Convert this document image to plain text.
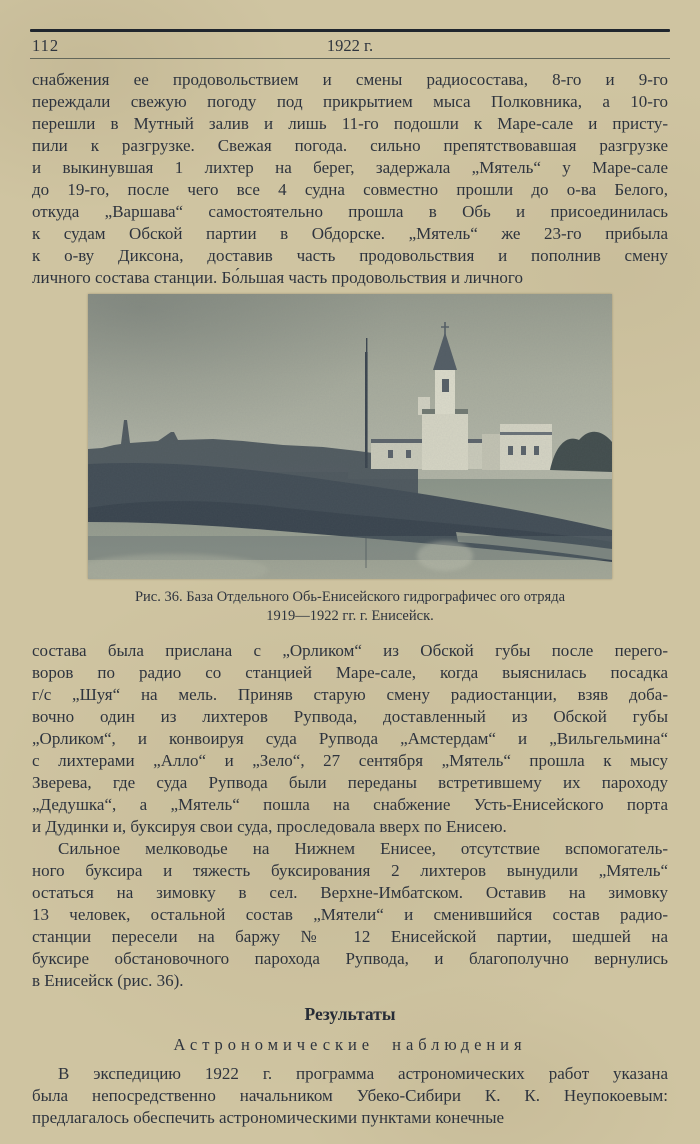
112	1922 г.
снабжения ее продовольствием и смены радиосостава, 8-го и 9-го
переждали свежую погоду под прикрытием мыса Полковника, а 10-го
перешли в Мутный залив и лишь 11-го подошли к Маре-сале и присту-
пили к разгрузке. Свежая погода. сильно препятствовавшая разгрузке
и выкинувшая 1 лихтер на берег, задержала „Мятель“ у Маре-сале
до 19-го, после чего все 4 судна совместно прошли до о-ва Белого,
откуда „Варшава“ самостоятельно прошла в Обь и присоединилась
к судам Обской партии в Обдорске. „Мятель“ же 23-го прибыла
к о-ву Диксона, доставив часть продовольствия и пополнив смену
личного состава станции. Бо́льшая часть продовольствия и личного
Рис. 36. База Отдельного Обь-Енисейского гидрографичес ого отряда
1919—1922 гг. г. Енисейск.
состава была прислана с „Орликом“ из Обской губы после перего-
воров по радио со станцией Маре-сале, когда выяснилась посадка
г/с „Шуя“ на мель. Приняв старую смену радиостанции, взяв доба-
вочно один из лихтеров Рупвода, доставленный из Обской губы
„Орликом“, и конвоируя суда Рупвода „Амстердам“ и „Вильгельмина“
с лихтерами „Алло“ и „Зело“, 27 сентября „Мятель“ прошла к мысу
Зверева, где суда Рупвода были переданы встретившему их пароходу
„Дедушка“, а „Мятель“ пошла на снабжение Усть-Енисейского порта
и Дудинки и, буксируя свои суда, проследовала вверх по Енисею.
Сильное мелководье на Нижнем Енисее, отсутствие вспомогатель-
ного буксира и тяжесть буксирования 2 лихтеров вынудили „Мятель“
остаться на зимовку в сел. Верхне-Имбатском. Оставив на зимовку
13 человек, остальной состав „Мятели“ и сменившийся состав радио-
станции пересели на баржу № 12 Енисейской партии, шедшей на
буксире обстановочного парохода Рупвода, и благополучно вернулись
в Енисейск (рис. 36).
Результаты
Астрономические наблюдения
В экспедицию 1922 г. программа астрономических работ указана
была непосредственно начальником Убеко-Сибири К. К. Неупокоевым:
предлагалось обеспечить астрономическими пунктами конечные
